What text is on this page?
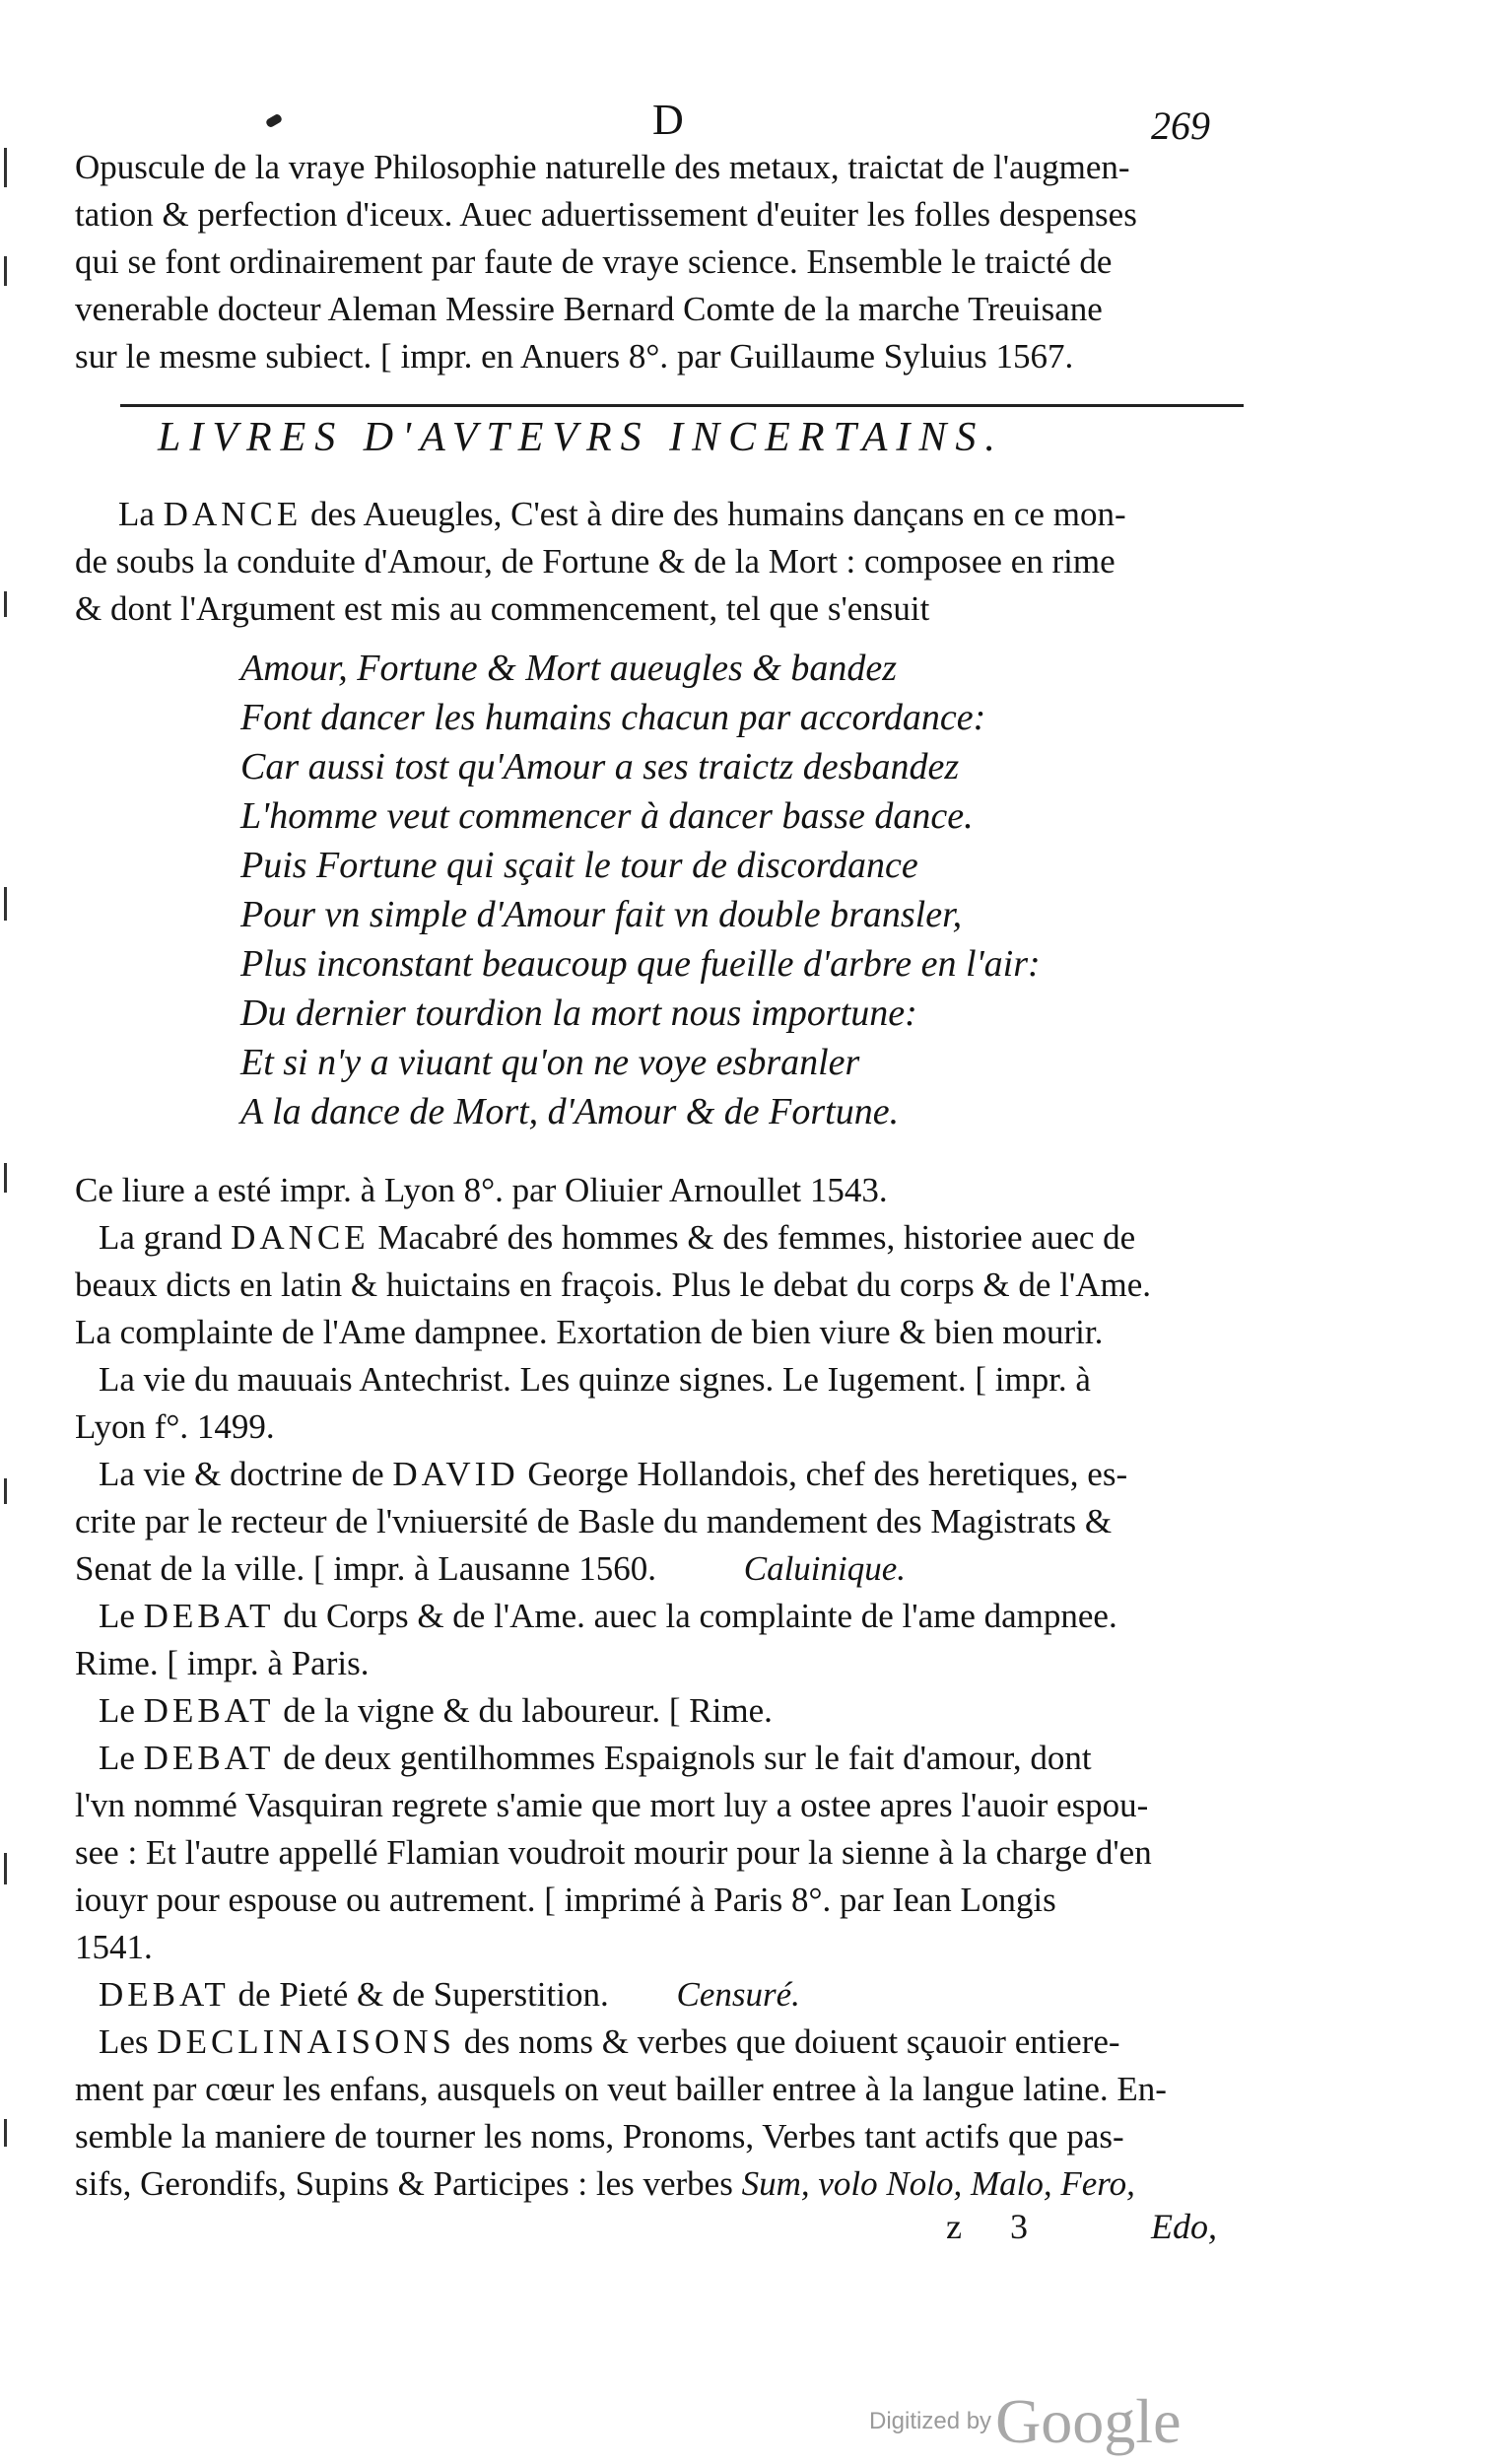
D	269
Opuscule de la vraye Philosophie naturelle des metaux, traictat de l'augmen-
tation & perfection d'iceux. Auec aduertissement d'euiter les folles despenses
qui se font ordinairement par faute de vraye science. Ensemble le traicté de
venerable docteur Aleman Messire Bernard Comte de la marche Treuisane
sur le mesme subiect. [ impr. en Anuers 8°. par Guillaume Syluius 1567.
LIVRES D'AVTEVRS INCERTAINS.
La DANCE des Aueugles, C'est à dire des humains dançans en ce mon-
de soubs la conduite d'Amour, de Fortune & de la Mort : composee en rime
& dont l'Argument est mis au commencement, tel que s'ensuit
Amour, Fortune & Mort aueugles & bandez
Font dancer les humains chacun par accordance:
Car aussi tost qu'Amour a ses traictz desbandez
L'homme veut commencer à dancer basse dance.
Puis Fortune qui sçait le tour de discordance
Pour vn simple d'Amour fait vn double bransler,
Plus inconstant beaucoup que fueille d'arbre en l'air:
Du dernier tourdion la mort nous importune:
Et si n'y a viuant qu'on ne voye esbranler
A la dance de Mort, d'Amour & de Fortune.
Ce liure a esté impr. à Lyon 8°. par Oliuier Arnoullet 1543.
La grand DANCE Macabré des hommes & des femmes, historiee auec de
beaux dicts en latin & huictains en fraçois. Plus le debat du corps & de l'Ame.
La complainte de l'Ame dampnee. Exortation de bien viure & bien mourir.
La vie du mauuais Antechrist. Les quinze signes. Le Iugement. [ impr. à
Lyon f°. 1499.
La vie & doctrine de DAVID George Hollandois, chef des heretiques, es-
crite par le recteur de l'vniuersité de Basle du mandement des Magistrats &
Senat de la ville. [ impr. à Lausanne 1560.	Caluinique.
Le DEBAT du Corps & de l'Ame. auec la complainte de l'ame dampnee.
Rime. [ impr. à Paris.
Le DEBAT de la vigne & du laboureur. [ Rime.
Le DEBAT de deux gentilhommes Espaignols sur le fait d'amour, dont
l'vn nommé Vasquiran regrete s'amie que mort luy a ostee apres l'auoir espou-
see : Et l'autre appellé Flamian voudroit mourir pour la sienne à la charge d'en
iouyr pour espouse ou autrement. [ imprimé à Paris 8°. par Iean Longis
1541.
DEBAT de Pieté & de Superstition. Censuré.
Les DECLINAISONS des noms & verbes que doiuent sçauoir entiere-
ment par cœur les enfans, ausquels on veut bailler entree à la langue latine. En-
semble la maniere de tourner les noms, Pronoms, Verbes tant actifs que pas-
sifs, Gerondifs, Supins & Participes : les verbes Sum, volo Nolo, Malo, Fero,
z 3	Edo,
Digitized by Google
